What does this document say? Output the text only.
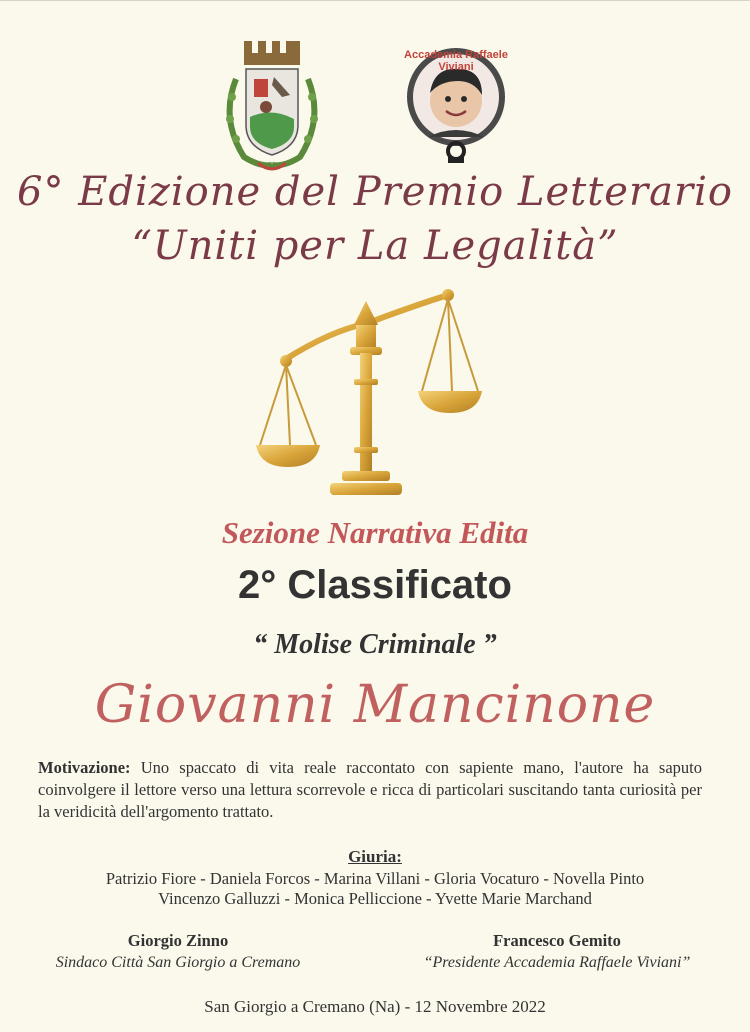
Accademia Raffaele Viviani
6° Edizione del Premio Letterario
“Uniti per La Legalità”
Sezione Narrativa Edita
2° Classificato
“ Molise Criminale ”
Giovanni Mancinone
Motivazione: Uno spaccato di vita reale raccontato con sapiente mano, l'autore ha saputo coinvolgere il lettore verso una lettura scorrevole e ricca di particolari suscitando tanta curiosità per la veridicità dell'argomento trattato.
Giuria:
Patrizio Fiore - Daniela Forcos - Marina Villani - Gloria Vocaturo - Novella Pinto
Vincenzo Galluzzi - Monica Pelliccione - Yvette Marie Marchand
Giorgio Zinno
Sindaco Città San Giorgio a Cremano
Francesco Gemito
“Presidente Accademia Raffaele Viviani”
San Giorgio a Cremano (Na) - 12 Novembre 2022
